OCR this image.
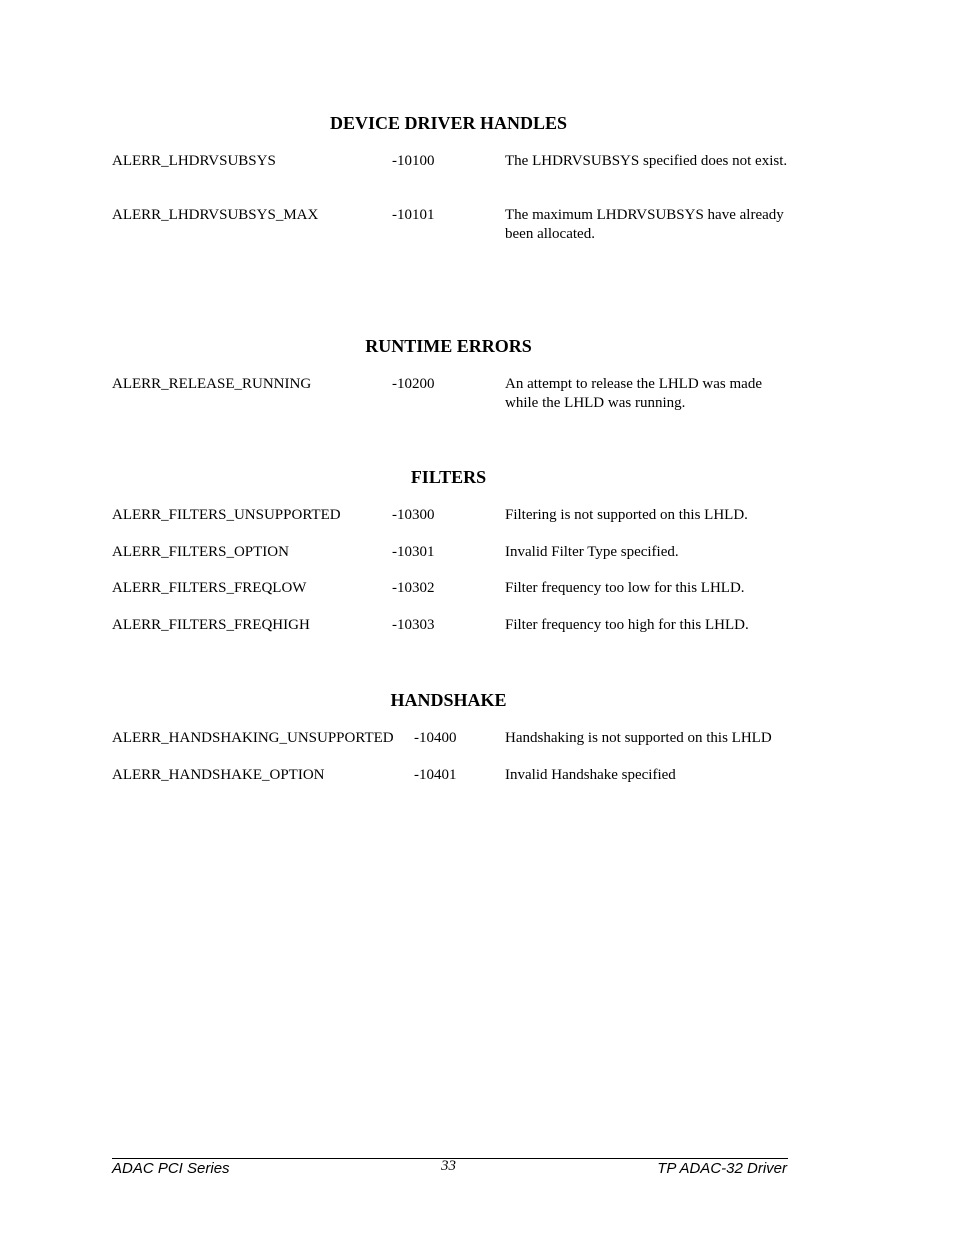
DEVICE DRIVER HANDLES
ALERR_LHDRVSUBSYS	-10100	The LHDRVSUBSYS specified does not exist.
ALERR_LHDRVSUBSYS_MAX	-10101	The maximum LHDRVSUBSYS have already been allocated.
RUNTIME ERRORS
ALERR_RELEASE_RUNNING	-10200	An attempt to release the LHLD was made while the LHLD was running.
FILTERS
ALERR_FILTERS_UNSUPPORTED	-10300	Filtering is not supported on this LHLD.
ALERR_FILTERS_OPTION	-10301	Invalid Filter Type specified.
ALERR_FILTERS_FREQLOW	-10302	Filter frequency too low for this LHLD.
ALERR_FILTERS_FREQHIGH	-10303	Filter frequency too high for this LHLD.
HANDSHAKE
ALERR_HANDSHAKING_UNSUPPORTED -10400	Handshaking is not supported on this LHLD
ALERR_HANDSHAKE_OPTION	-10401	Invalid Handshake specified
33
ADAC PCI Series	TP ADAC-32 Driver
